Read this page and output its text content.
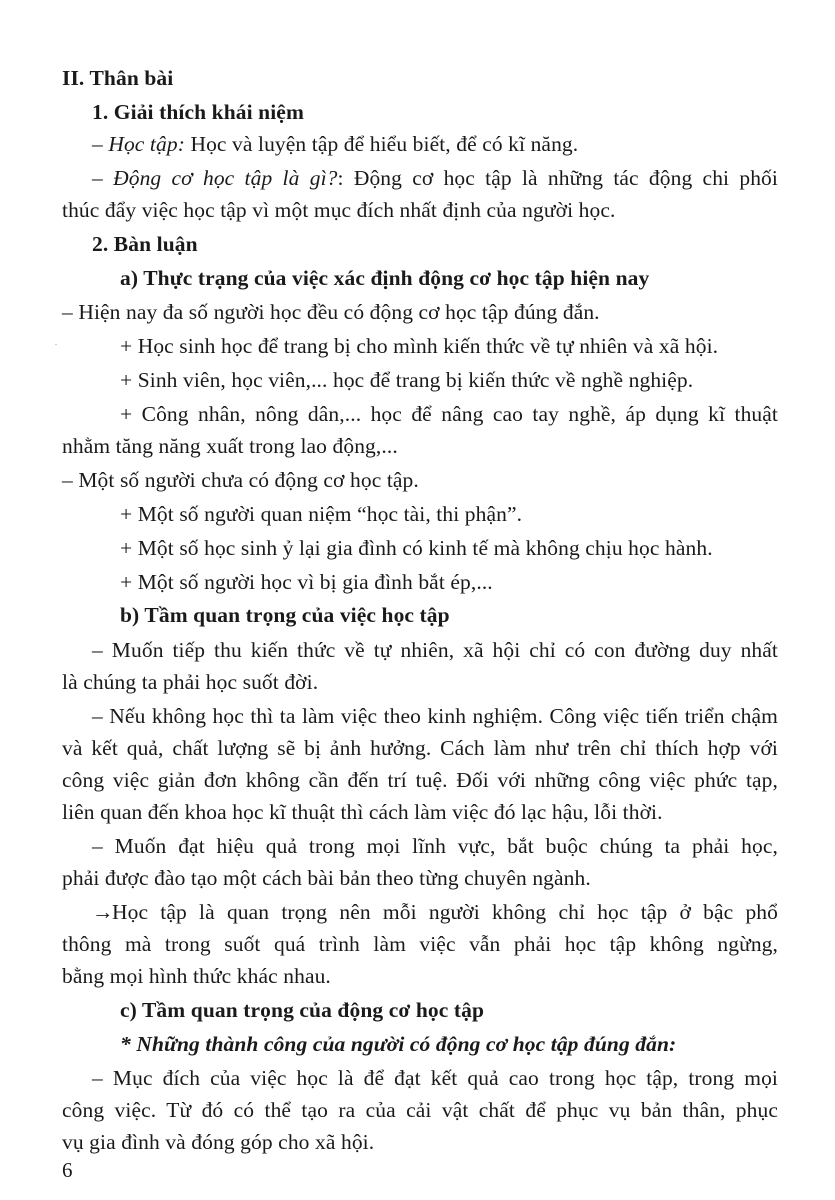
·
II. Thân bài
1. Giải thích khái niệm
– Học tập: Học và luyện tập để hiểu biết, để có kĩ năng.
– Động cơ học tập là gì?: Động cơ học tập là những tác động chi phối
thúc đẩy việc học tập vì một mục đích nhất định của người học.
2. Bàn luận
a) Thực trạng của việc xác định động cơ học tập hiện nay
– Hiện nay đa số người học đều có động cơ học tập đúng đắn.
+ Học sinh học để trang bị cho mình kiến thức về tự nhiên và xã hội.
+ Sinh viên, học viên,... học để trang bị kiến thức về nghề nghiệp.
+ Công nhân, nông dân,... học để nâng cao tay nghề, áp dụng kĩ thuật
nhằm tăng năng xuất trong lao động,...
– Một số người chưa có động cơ học tập.
+ Một số người quan niệm “học tài, thi phận”.
+ Một số học sinh ỷ lại gia đình có kinh tế mà không chịu học hành.
+ Một số người học vì bị gia đình bắt ép,...
b) Tầm quan trọng của việc học tập
– Muốn tiếp thu kiến thức về tự nhiên, xã hội chỉ có con đường duy nhất
là chúng ta phải học suốt đời.
– Nếu không học thì ta làm việc theo kinh nghiệm. Công việc tiến triển chậm
và kết quả, chất lượng sẽ bị ảnh hưởng. Cách làm như trên chỉ thích hợp với
công việc giản đơn không cần đến trí tuệ. Đối với những công việc phức tạp,
liên quan đến khoa học kĩ thuật thì cách làm việc đó lạc hậu, lỗi thời.
– Muốn đạt hiệu quả trong mọi lĩnh vực, bắt buộc chúng ta phải học,
phải được đào tạo một cách bài bản theo từng chuyên ngành.
→Học tập là quan trọng nên mỗi người không chỉ học tập ở bậc phổ
thông mà trong suốt quá trình làm việc vẫn phải học tập không ngừng,
bằng mọi hình thức khác nhau.
c) Tầm quan trọng của động cơ học tập
* Những thành công của người có động cơ học tập đúng đắn:
– Mục đích của việc học là để đạt kết quả cao trong học tập, trong mọi
công việc. Từ đó có thể tạo ra của cải vật chất để phục vụ bản thân, phục
vụ gia đình và đóng góp cho xã hội.
6
